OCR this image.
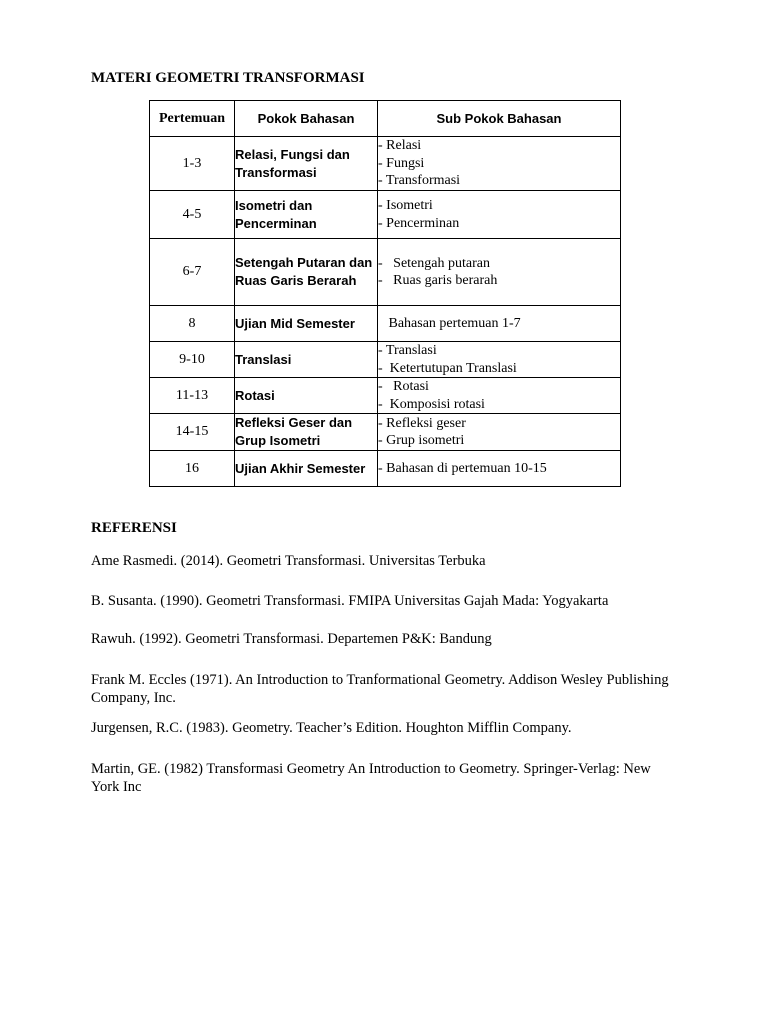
MATERI GEOMETRI TRANSFORMASI
Pertemuan	Pokok Bahasan	Sub Pokok Bahasan
1-3	Relasi, Fungsi dan Transformasi	- Relasi
- Fungsi
- Transformasi

4-5	Isometri dan Pencerminan	- Isometri
- Pencerminan

6-7	Setengah Putaran dan Ruas Garis Berarah	-   Setengah putaran
-   Ruas garis berarah

8	Ujian Mid Semester	Bahasan pertemuan 1-7

9-10	Translasi	- Translasi
-  Ketertutupan Translasi

11-13	Rotasi	-   Rotasi
-  Komposisi rotasi

14-15	Refleksi Geser dan Grup Isometri	- Refleksi geser
- Grup isometri

16	Ujian Akhir Semester	- Bahasan di pertemuan 10-15
REFERENSI
Ame Rasmedi. (2014). Geometri Transformasi. Universitas Terbuka
B. Susanta. (1990). Geometri Transformasi. FMIPA Universitas Gajah Mada: Yogyakarta
Rawuh. (1992). Geometri Transformasi. Departemen P&K: Bandung
Frank M. Eccles (1971). An Introduction to Tranformational Geometry. Addison Wesley Publishing Company, Inc.
Jurgensen, R.C. (1983). Geometry. Teacher’s Edition. Houghton Mifflin Company.
Martin, GE. (1982) Transformasi Geometry An Introduction to Geometry. Springer-Verlag: New York Inc
